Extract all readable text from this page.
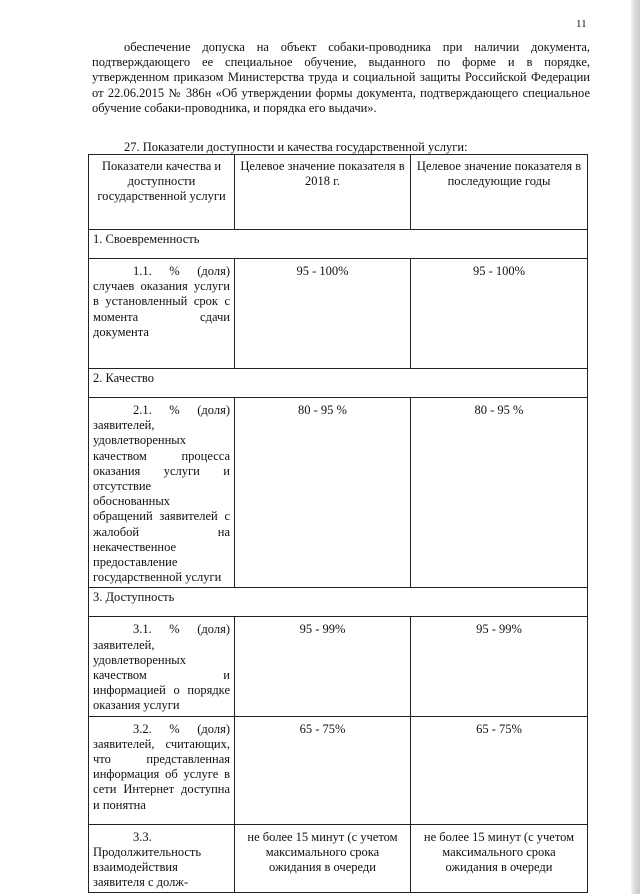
11

обеспечение допуска на объект собаки-проводника при наличии документа, подтверждающего ее специальное обучение, выданного по форме и в порядке, утвержденном приказом Министерства труда и социальной защиты Российской Федерации от 22.06.2015 № 386н «Об утверждении формы документа, подтверждающего специальное обучение собаки-проводника, и порядка его выдачи».

27. Показатели доступности и качества государственной услуги:
Показатели качества и доступности государственной услуги	Целевое значение показателя в 2018 г.	Целевое значение показателя в последующие годы
1. Своевременность		
1.1. % (доля) случаев оказания услуги в установленный срок с момента сдачи документа	95 - 100%	95 - 100%
2. Качество		
2.1. % (доля) заявителей, удовлетворенных качеством процесса оказания услуги и отсутствие обоснованных обращений заявителей с жалобой на некачественное предоставление государственной услуги	80 - 95 %	80 - 95 %
3. Доступность		
3.1. % (доля) заявителей, удовлетворенных качеством и информацией о порядке оказания услуги	95 - 99%	95 - 99%
3.2. % (доля) заявителей, считающих, что представленная информация об услуге в сети Интернет доступна и понятна	65 - 75%	65 - 75%
3.3. Продолжительность взаимодействия заявителя с долж-	не более 15 минут (с учетом максимального срока ожидания в очереди	не более 15 минут (с учетом максимального срока ожидания в очереди
